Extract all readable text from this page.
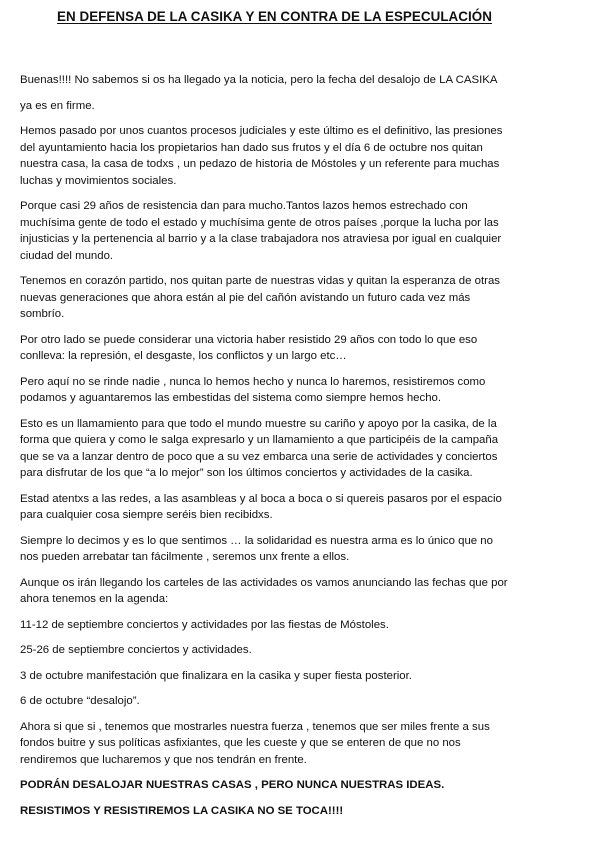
EN DEFENSA DE LA CASIKA Y EN CONTRA DE LA ESPECULACIÓN
Buenas!!!! No sabemos si os ha llegado ya la noticia, pero la fecha del desalojo de LA CASIKA
ya es en firme.
Hemos pasado por unos cuantos procesos judiciales y este último es el definitivo, las presiones
del ayuntamiento hacia los propietarios han dado sus frutos y el día 6 de octubre nos quitan
nuestra casa, la casa de todxs , un pedazo de historia de Móstoles y un referente para muchas
luchas y movimientos sociales.
Porque casi 29 años de resistencia dan para mucho.Tantos lazos hemos estrechado con
muchísima gente de todo el estado y muchísima gente de otros países ,porque la lucha por las
injusticias y la pertenencia al barrio y a la clase trabajadora nos atraviesa por igual en cualquier
ciudad del mundo.
Tenemos en corazón partido, nos quitan parte de nuestras vidas y quitan la esperanza de otras
nuevas generaciones que ahora están al pie del cañón avistando un futuro cada vez más
sombrío.
Por otro lado se puede considerar una victoria haber resistido 29 años con todo lo que eso
conlleva: la represión, el desgaste, los conflictos y un largo etc…
Pero aquí no se rinde nadie , nunca lo hemos hecho y nunca lo haremos, resistiremos como
podamos y aguantaremos las embestidas del sistema como siempre hemos hecho.
Esto es un llamamiento para que todo el mundo muestre su cariño y apoyo por la casika, de la
forma que quiera y como le salga expresarlo y un llamamiento a que participéis de la campaña
que se va a lanzar dentro de poco que a su vez embarca una serie de actividades y conciertos
para disfrutar de los que “a lo mejor” son los últimos conciertos y actividades de la casika.
Estad atentxs a las redes, a las asambleas y al boca a boca o si quereis pasaros por el espacio
para cualquier cosa siempre seréis bien recibidxs.
Siempre lo decimos y es lo que sentimos … la solidaridad es nuestra arma es lo único que no
nos pueden arrebatar tan fácilmente , seremos unx frente a ellos.
Aunque os irán llegando los carteles de las actividades os vamos anunciando las fechas que por
ahora tenemos en la agenda:
11-12 de septiembre conciertos y actividades por las fiestas de Móstoles.
25-26 de septiembre conciertos y actividades.
3 de octubre manifestación que finalizara en la casika y super fiesta posterior.
6 de octubre “desalojo”.
Ahora si que si , tenemos que mostrarles nuestra fuerza , tenemos que ser miles frente a sus
fondos buitre y sus políticas asfixiantes, que les cueste y que se enteren de que no nos
rendiremos que lucharemos y que nos tendrán en frente.
PODRÁN DESALOJAR NUESTRAS CASAS , PERO NUNCA NUESTRAS IDEAS.
RESISTIMOS Y RESISTIREMOS LA CASIKA NO SE TOCA!!!!
